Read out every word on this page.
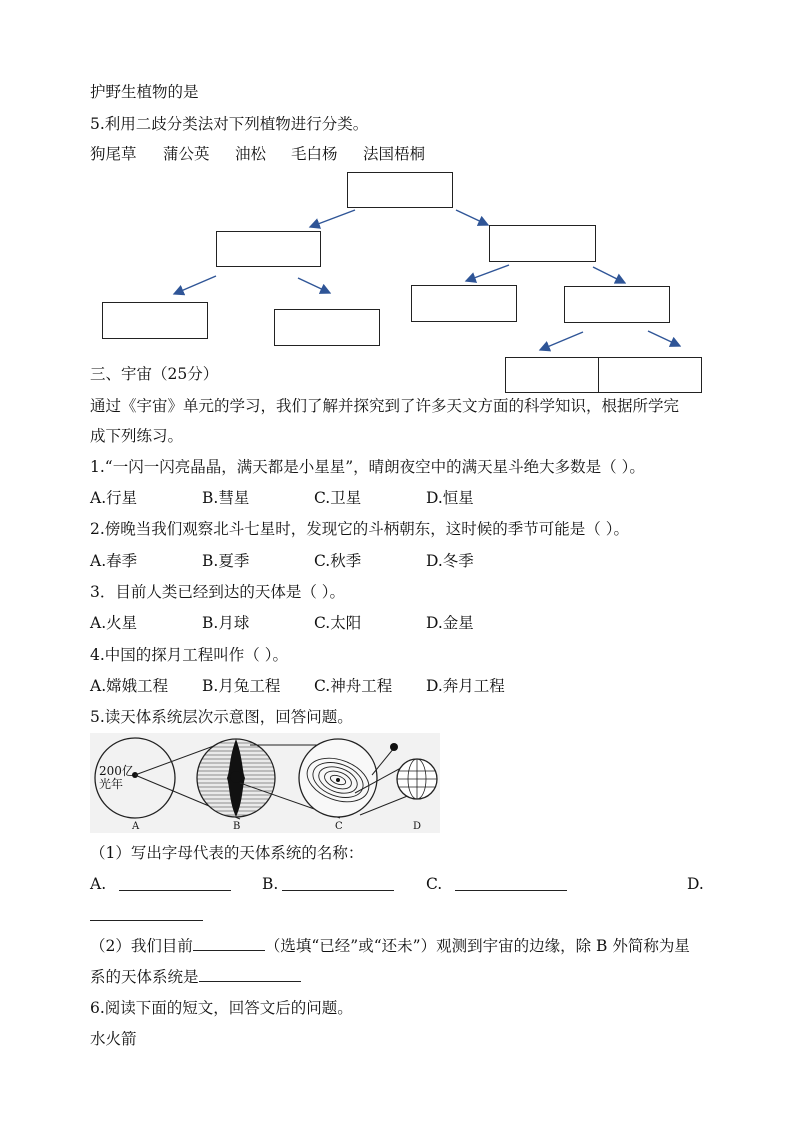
护野生植物的是
5.利用二歧分类法对下列植物进行分类。
狗尾草 蒲公英 油松 毛白杨 法国梧桐
三、宇宙（25分）
通过《宇宙》单元的学习，我们了解并探究到了许多天文方面的科学知识，根据所学完
成下列练习。
1.“一闪一闪亮晶晶，满天都是小星星”，晴朗夜空中的满天星斗绝大多数是（ ）。
A.行星	B.彗星	C.卫星	D.恒星
2.傍晚当我们观察北斗七星时，发现它的斗柄朝东，这时候的季节可能是（ ）。
A.春季	B.夏季	C.秋季	D.冬季
3．目前人类已经到达的天体是（ ）。
A.火星	B.月球	C.太阳	D.金星
4.中国的探月工程叫作（ ）。
A.嫦娥工程 B.月兔工程 C.神舟工程 D.奔月工程
5.读天体系统层次示意图，回答问题。
200亿
光年
A	B	C	D
（1）写出字母代表的天体系统的名称：
A.	B.	C.	D.
（2）我们目前	（选填“已经”或“还未”）观测到宇宙的边缘，除 B 外简称为星
系的天体系统是
6.阅读下面的短文，回答文后的问题。
水火箭
